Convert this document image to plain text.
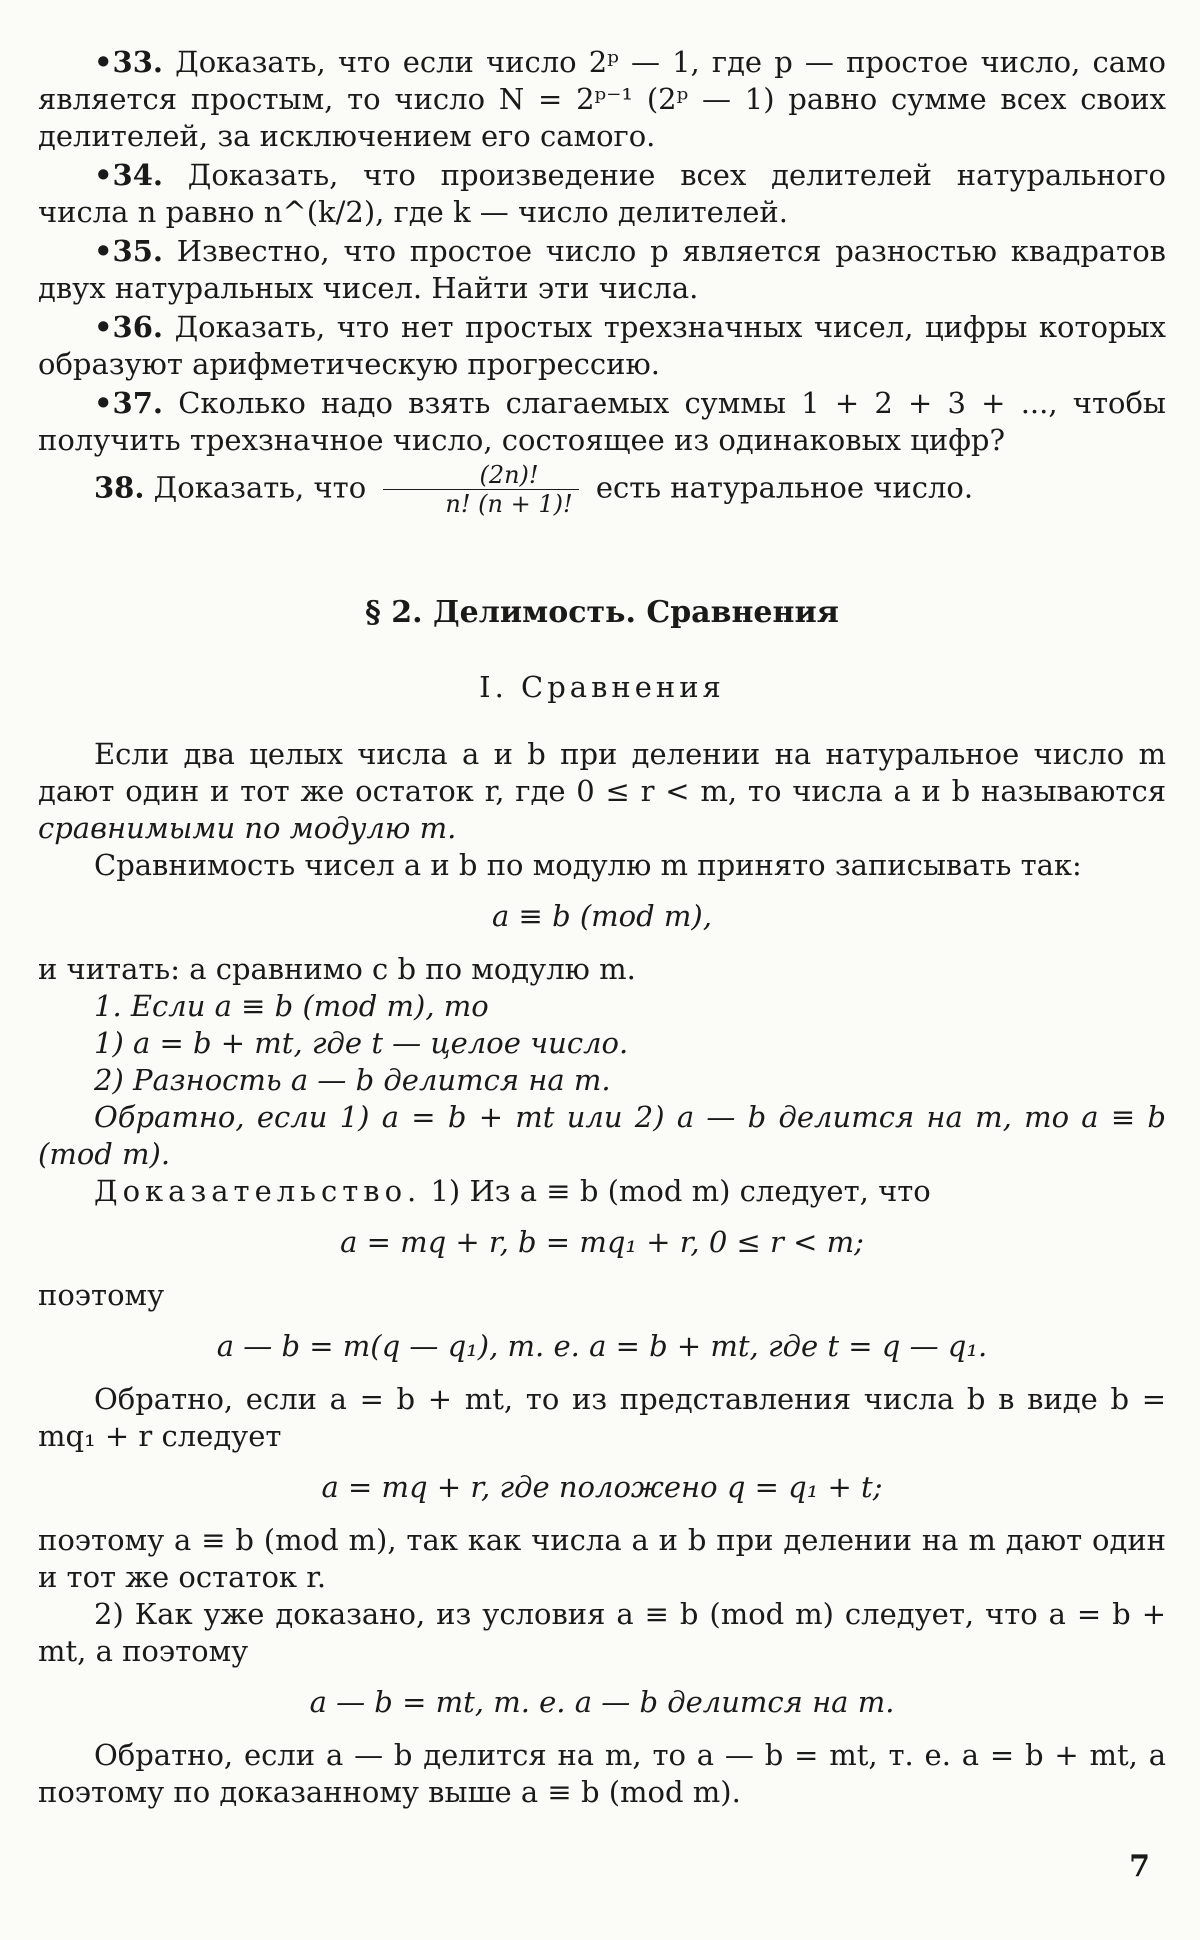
•33. Доказать, что если число 2ᵖ — 1, где p — простое число, само является простым, то число N = 2ᵖ⁻¹ (2ᵖ — 1) равно сумме всех своих делителей, за исключением его самого.

•34. Доказать, что произведение всех делителей натурального числа n равно n^(k/2), где k — число делителей.

•35. Известно, что простое число p является разностью квадратов двух натуральных чисел. Найти эти числа.

•36. Доказать, что нет простых трехзначных чисел, цифры которых образуют арифметическую прогрессию.

•37. Сколько надо взять слагаемых суммы 1 + 2 + 3 + ..., чтобы получить трехзначное число, состоящее из одинаковых цифр?

38. Доказать, что $\frac{(2n)!}{n! (n + 1)!}$ есть натуральное число.

§ 2. Делимость. Сравнения
I. Сравнения

Если два целых числа a и b при делении на натуральное число m дают один и тот же остаток r, где 0 ≤ r < m, то числа a и b называются сравнимыми по модулю m.

Сравнимость чисел a и b по модулю m принято записывать так:

a ≡ b (mod m),

и читать: a сравнимо с b по модулю m.

1. Если a ≡ b (mod m), то

1) a = b + mt, где t — целое число.

2) Разность a — b делится на m.

Обратно, если 1) a = b + mt или 2) a — b делится на m, то a ≡ b (mod m).

Доказательство. 1) Из a ≡ b (mod m) следует, что

a = mq + r, b = mq₁ + r, 0 ≤ r < m;

поэтому

a — b = m(q — q₁), т. е. a = b + mt, где t = q — q₁.

Обратно, если a = b + mt, то из представления числа b в виде b = mq₁ + r следует

a = mq + r, где положено q = q₁ + t;

поэтому a ≡ b (mod m), так как числа a и b при делении на m дают один и тот же остаток r.

2) Как уже доказано, из условия a ≡ b (mod m) следует, что a = b + mt, а поэтому

a — b = mt, т. е. a — b делится на m.

Обратно, если a — b делится на m, то a — b = mt, т. е. a = b + mt, а поэтому по доказанному выше a ≡ b (mod m).

7
